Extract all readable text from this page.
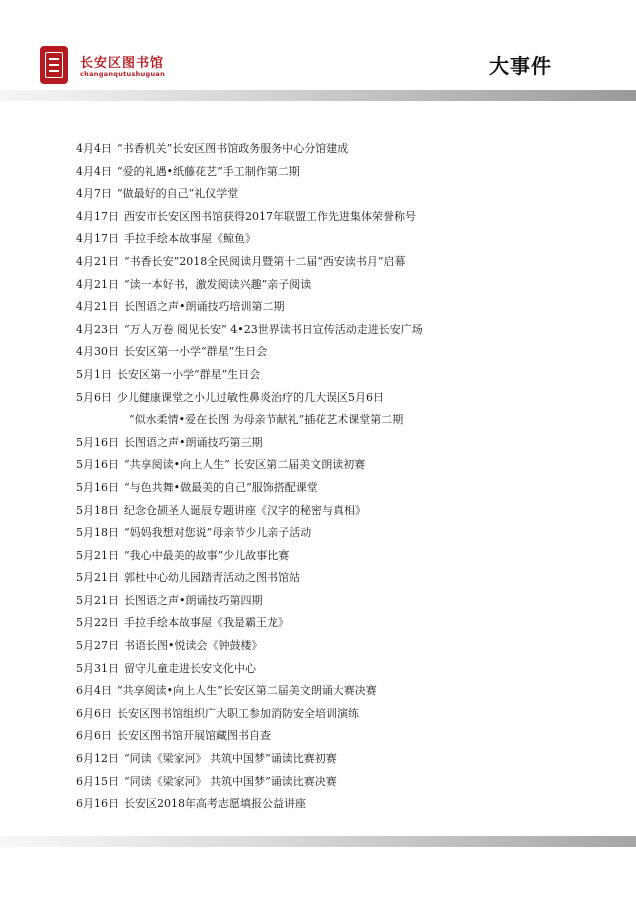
长安区图书馆
changanqutushuguan	大事件
4月4日 “书香机关”长安区图书馆政务服务中心分馆建成
4月4日 “爱的礼遇•纸藤花艺”手工制作第二期
4月7日 “做最好的自己”礼仪学堂
4月17日 西安市长安区图书馆获得2017年联盟工作先进集体荣誉称号
4月17日 手拉手绘本故事屋《鲸鱼》
4月21日 “书香长安”2018全民阅读月暨第十二届“西安读书月”启幕
4月21日 “读一本好书，激发阅读兴趣”亲子阅读
4月21日 长图语之声•朗诵技巧培训第二期
4月23日 “万人万卷 阅见长安” 4•23世界读书日宣传活动走进长安广场
4月30日 长安区第一小学“群星”生日会
5月1日 长安区第一小学“群星”生日会
5月6日 少儿健康课堂之小儿过敏性鼻炎治疗的几大误区5月6日
“似水柔情•爱在长图 为母亲节献礼”插花艺术课堂第二期
5月16日 长图语之声•朗诵技巧第三期
5月16日 “共享阅读•向上人生” 长安区第二届美文朗读初赛
5月16日 “与色共舞•做最美的自己”服饰搭配课堂
5月18日 纪念仓颉圣人诞辰专题讲座《汉字的秘密与真相》
5月18日 “妈妈我想对您说”母亲节少儿亲子活动
5月21日 “我心中最美的故事”少儿故事比赛
5月21日 郭杜中心幼儿园踏青活动之图书馆站
5月21日 长图语之声•朗诵技巧第四期
5月22日 手拉手绘本故事屋《我是霸王龙》
5月27日 书语长图•悦读会《钟鼓楼》
5月31日 留守儿童走进长安文化中心
6月4日 “共享阅读•向上人生”长安区第二届美文朗诵大赛决赛
6月6日 长安区图书馆组织广大职工参加消防安全培训演练
6月6日 长安区图书馆开展馆藏图书自查
6月12日 “同读《梁家河》 共筑中国梦”诵读比赛初赛
6月15日 “同读《梁家河》 共筑中国梦”诵读比赛决赛
6月16日 长安区2018年高考志愿填报公益讲座
